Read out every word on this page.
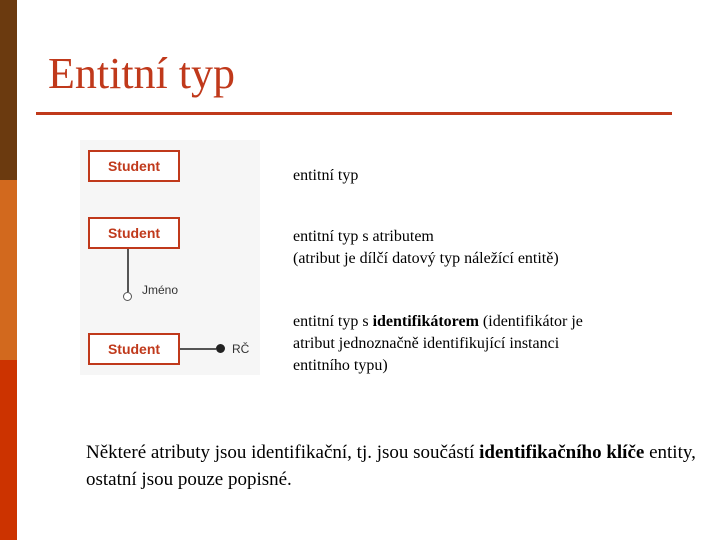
Entitní typ
Student
Student
Jméno
Student	RČ
entitní typ
entitní typ s atributem
(atribut je dílčí datový typ náležící entitě)
entitní typ s identifikátorem (identifikátor je
atribut jednoznačně identifikující instanci
entitního typu)
Některé atributy jsou identifikační, tj. jsou součástí identifikačního klíče entity, ostatní jsou pouze popisné.
